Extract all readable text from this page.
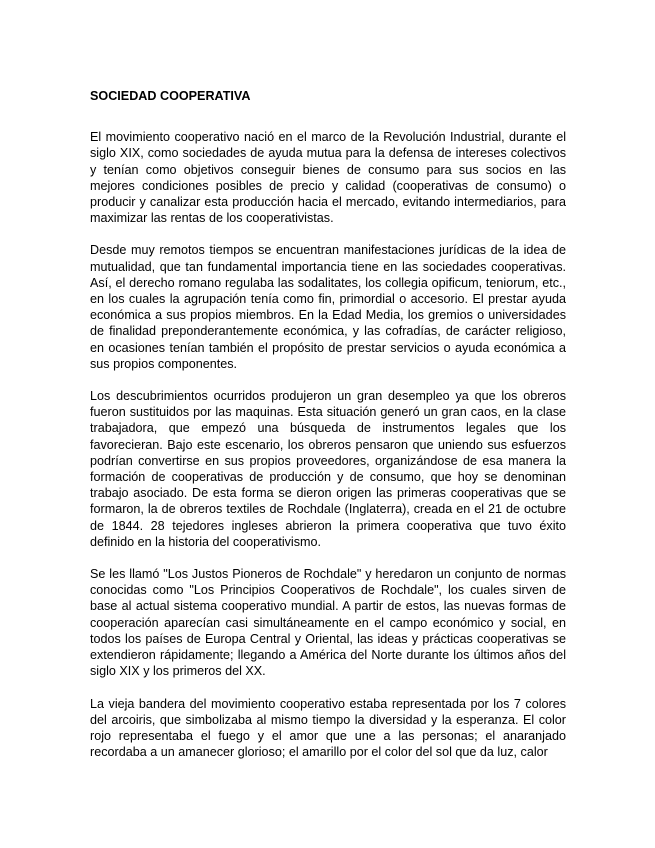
SOCIEDAD COOPERATIVA

El movimiento cooperativo nació en el marco de la Revolución Industrial, durante el siglo XIX, como sociedades de ayuda mutua para la defensa de intereses colectivos y tenían como objetivos conseguir bienes de consumo para sus socios en las mejores condiciones posibles de precio y calidad (cooperativas de consumo) o producir y canalizar esta producción hacia el mercado, evitando intermediarios, para maximizar las rentas de los cooperativistas.

Desde muy remotos tiempos se encuentran manifestaciones jurídicas de la idea de mutualidad, que tan fundamental importancia tiene en las sociedades cooperativas. Así, el derecho romano regulaba las sodalitates, los collegia opificum, teniorum, etc., en los cuales la agrupación tenía como fin, primordial o accesorio. El prestar ayuda económica a sus propios miembros. En la Edad Media, los gremios o universidades de finalidad preponderantemente económica, y las cofradías, de carácter religioso, en ocasiones tenían también el propósito de prestar servicios o ayuda económica a sus propios componentes.

Los descubrimientos ocurridos produjeron un gran desempleo ya que los obreros fueron sustituidos por las maquinas. Esta situación generó un gran caos, en la clase trabajadora, que empezó una búsqueda de instrumentos legales que los favorecieran. Bajo este escenario, los obreros pensaron que uniendo sus esfuerzos podrían convertirse en sus propios proveedores, organizándose de esa manera la formación de cooperativas de producción y de consumo, que hoy se denominan trabajo asociado. De esta forma se dieron origen las primeras cooperativas que se formaron, la de obreros textiles de Rochdale (Inglaterra), creada en el 21 de octubre de 1844. 28 tejedores ingleses abrieron la primera cooperativa que tuvo éxito definido en la historia del cooperativismo.

Se les llamó "Los Justos Pioneros de Rochdale" y heredaron un conjunto de normas conocidas como "Los Principios Cooperativos de Rochdale", los cuales sirven de base al actual sistema cooperativo mundial. A partir de estos, las nuevas formas de cooperación aparecían casi simultáneamente en el campo económico y social, en todos los países de Europa Central y Oriental, las ideas y prácticas cooperativas se extendieron rápidamente; llegando a América del Norte durante los últimos años del siglo XIX y los primeros del XX.

La vieja bandera del movimiento cooperativo estaba representada por los 7 colores del arcoiris, que simbolizaba al mismo tiempo la diversidad y la esperanza. El color rojo representaba el fuego y el amor que une a las personas; el anaranjado recordaba a un amanecer glorioso; el amarillo por el color del sol que da luz, calor
